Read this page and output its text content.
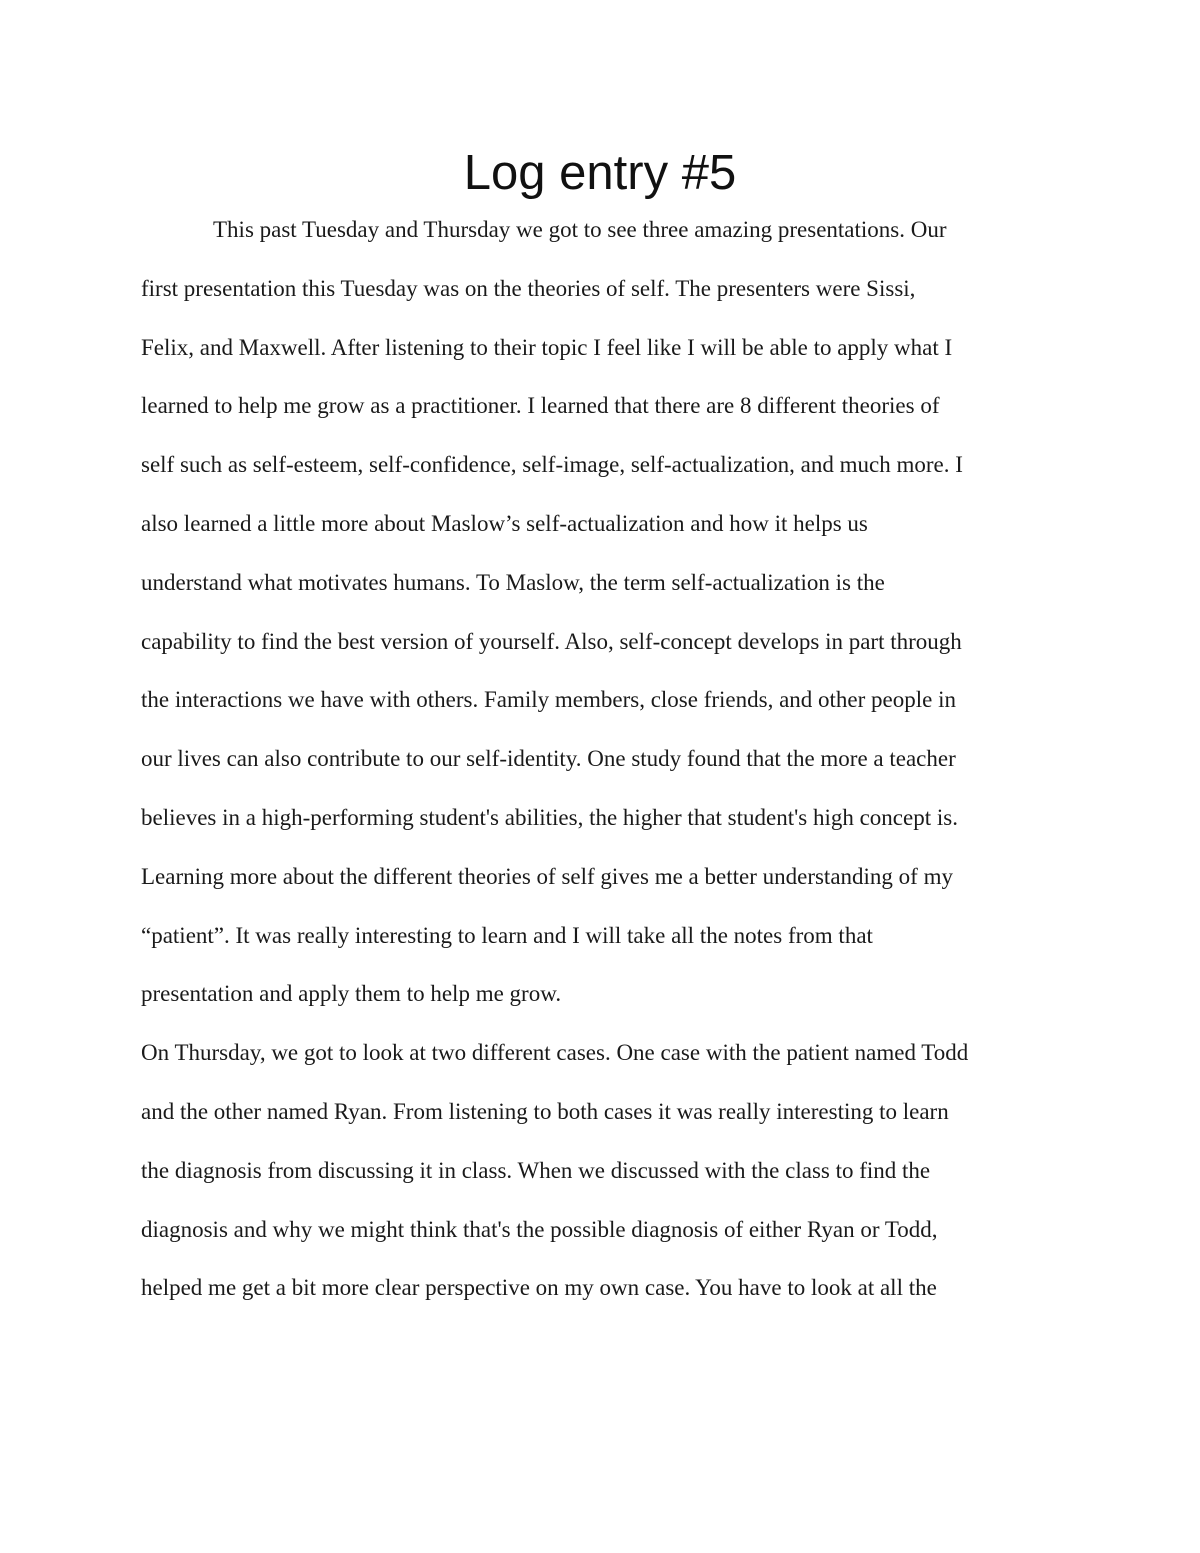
Log entry #5
This past Tuesday and Thursday we got to see three amazing presentations. Our
first presentation this Tuesday was on the theories of self. The presenters were Sissi,
Felix, and Maxwell. After listening to their topic I feel like I will be able to apply what I
learned to help me grow as a practitioner. I learned that there are 8 different theories of
self such as self-esteem, self-confidence, self-image, self-actualization, and much more. I
also learned a little more about Maslow’s self-actualization and how it helps us
understand what motivates humans. To Maslow, the term self-actualization is the
capability to find the best version of yourself. Also, self-concept develops in part through
the interactions we have with others. Family members, close friends, and other people in
our lives can also contribute to our self-identity. One study found that the more a teacher
believes in a high-performing student's abilities, the higher that student's high concept is.
Learning more about the different theories of self gives me a better understanding of my
“patient”. It was really interesting to learn and I will take all the notes from that
presentation and apply them to help me grow.
On Thursday, we got to look at two different cases. One case with the patient named Todd
and the other named Ryan. From listening to both cases it was really interesting to learn
the diagnosis from discussing it in class. When we discussed with the class to find the
diagnosis and why we might think that's the possible diagnosis of either Ryan or Todd,
helped me get a bit more clear perspective on my own case. You have to look at all the
